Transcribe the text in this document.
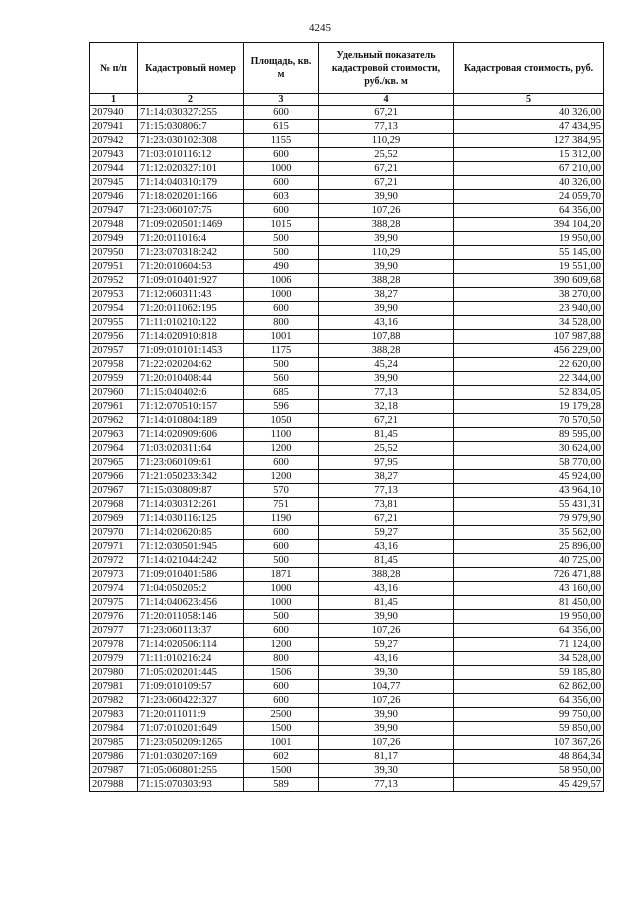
4245
№ п/п	Кадастровый номер	Площадь, кв. м	Удельный показатель кадастровой стоимости, руб./кв. м	Кадастровая стоимость, руб.
1	2	3	4	5
207940	71:14:030327:255	600	67,21	40 326,00
207941	71:15:030806:7	615	77,13	47 434,95
207942	71:23:030102:308	1155	110,29	127 384,95
207943	71:03:010116:12	600	25,52	15 312,00
207944	71:12:020327:101	1000	67,21	67 210,00
207945	71:14:040310:179	600	67,21	40 326,00
207946	71:18:020201:166	603	39,90	24 059,70
207947	71:23:060107:75	600	107,26	64 356,00
207948	71:09:020501:1469	1015	388,28	394 104,20
207949	71:20:011016:4	500	39,90	19 950,00
207950	71:23:070318:242	500	110,29	55 145,00
207951	71:20:010604:53	490	39,90	19 551,00
207952	71:09:010401:927	1006	388,28	390 609,68
207953	71:12:060311:43	1000	38,27	38 270,00
207954	71:20:011062:195	600	39,90	23 940,00
207955	71:11:010210:122	800	43,16	34 528,00
207956	71:14:020910:818	1001	107,88	107 987,88
207957	71:09:010101:1453	1175	388,28	456 229,00
207958	71:22:020204:62	500	45,24	22 620,00
207959	71:20:010408:44	560	39,90	22 344,00
207960	71:15:040402:6	685	77,13	52 834,05
207961	71:12:070510:157	596	32,18	19 179,28
207962	71:14:010804:189	1050	67,21	70 570,50
207963	71:14:020909:606	1100	81,45	89 595,00
207964	71:03:020311:64	1200	25,52	30 624,00
207965	71:23:060109:61	600	97,95	58 770,00
207966	71:21:050233:342	1200	38,27	45 924,00
207967	71:15:030809:87	570	77,13	43 964,10
207968	71:14:030312:261	751	73,81	55 431,31
207969	71:14:030116:125	1190	67,21	79 979,90
207970	71:14:020620:85	600	59,27	35 562,00
207971	71:12:030501:945	600	43,16	25 896,00
207972	71:14:021044:242	500	81,45	40 725,00
207973	71:09:010401:586	1871	388,28	726 471,88
207974	71:04:050205:2	1000	43,16	43 160,00
207975	71:14:040623:456	1000	81,45	81 450,00
207976	71:20:011058:146	500	39,90	19 950,00
207977	71:23:060113:37	600	107,26	64 356,00
207978	71:14:020506:114	1200	59,27	71 124,00
207979	71:11:010216:24	800	43,16	34 528,00
207980	71:05:020201:445	1506	39,30	59 185,80
207981	71:09:010109:57	600	104,77	62 862,00
207982	71:23:060422:327	600	107,26	64 356,00
207983	71:20:011011:9	2500	39,90	99 750,00
207984	71:07:010201:649	1500	39,90	59 850,00
207985	71:23:050209:1265	1001	107,26	107 367,26
207986	71:01:030207:169	602	81,17	48 864,34
207987	71:05:060801:255	1500	39,30	58 950,00
207988	71:15:070303:93	589	77,13	45 429,57
